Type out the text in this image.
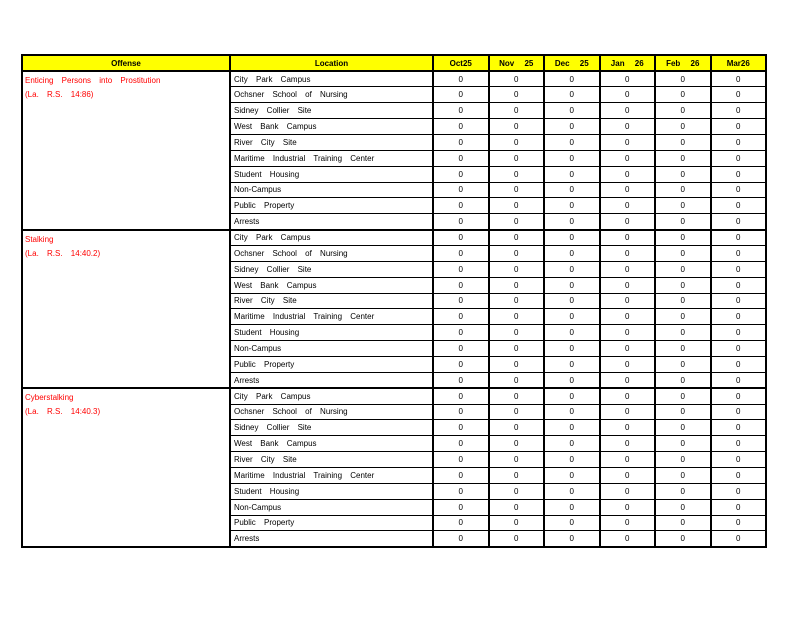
Offense	Location	Oct25	Nov 25	Dec 25	Jan 26	Feb 26	Mar26

Enticing Persons into Prostitution
(La. R.S. 14:86)	City Park Campus	0	0	0	0	0	0
	Ochsner School of Nursing	0	0	0	0	0	0
	Sidney Collier Site	0	0	0	0	0	0
	West Bank Campus	0	0	0	0	0	0
	River City Site	0	0	0	0	0	0
	Maritime Industrial Training Center	0	0	0	0	0	0
	Student Housing	0	0	0	0	0	0
	Non-Campus	0	0	0	0	0	0
	Public Property	0	0	0	0	0	0
	Arrests	0	0	0	0	0	0

Stalking
(La. R.S. 14:40.2)	City Park Campus	0	0	0	0	0	0
	Ochsner School of Nursing	0	0	0	0	0	0
	Sidney Collier Site	0	0	0	0	0	0
	West Bank Campus	0	0	0	0	0	0
	River City Site	0	0	0	0	0	0
	Maritime Industrial Training Center	0	0	0	0	0	0
	Student Housing	0	0	0	0	0	0
	Non-Campus	0	0	0	0	0	0
	Public Property	0	0	0	0	0	0
	Arrests	0	0	0	0	0	0

Cyberstalking
(La. R.S. 14:40.3)	City Park Campus	0	0	0	0	0	0
	Ochsner School of Nursing	0	0	0	0	0	0
	Sidney Collier Site	0	0	0	0	0	0
	West Bank Campus	0	0	0	0	0	0
	River City Site	0	0	0	0	0	0
	Maritime Industrial Training Center	0	0	0	0	0	0
	Student Housing	0	0	0	0	0	0
	Non-Campus	0	0	0	0	0	0
	Public Property	0	0	0	0	0	0
	Arrests	0	0	0	0	0	0
